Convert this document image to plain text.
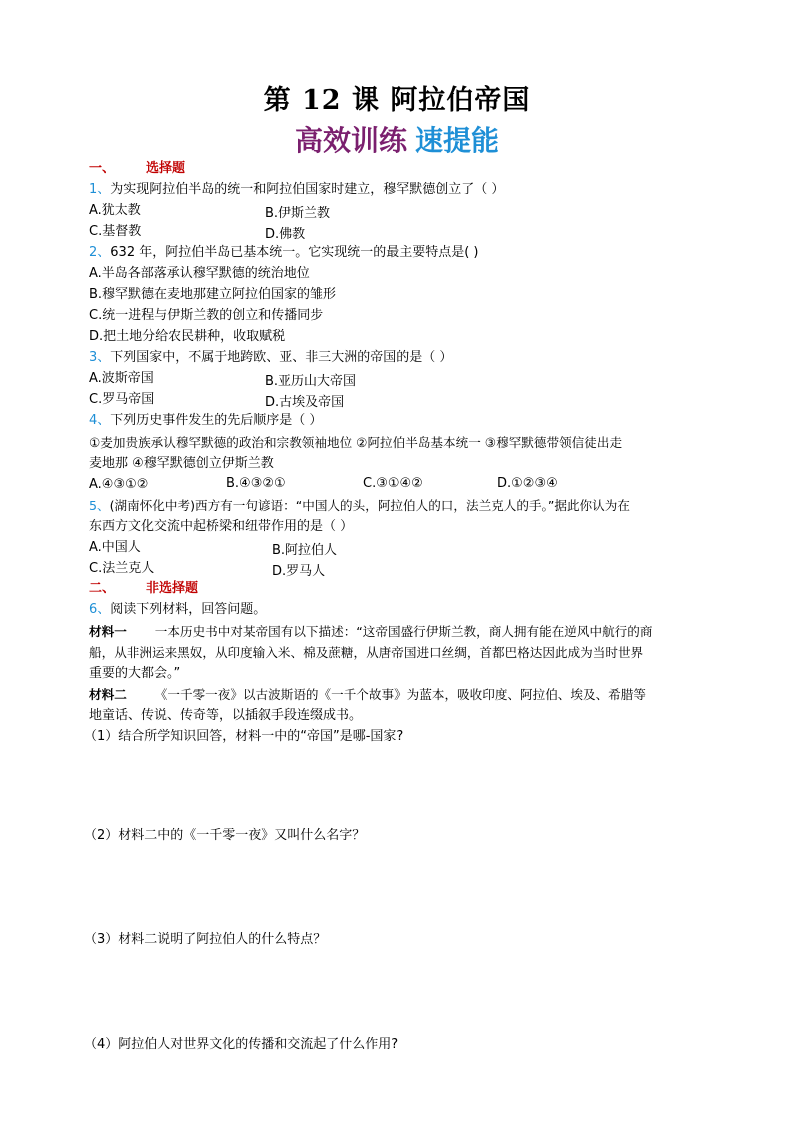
第 12 课 阿拉伯帝国
高效训练 速提能
一、 选择题
1、为实现阿拉伯半岛的统一和阿拉伯国家时建立，穆罕默德创立了（ ）
A.犹太教	B.伊斯兰教
C.基督教	D.佛教
2、632 年，阿拉伯半岛已基本统一。它实现统一的最主要特点是( )
A.半岛各部落承认穆罕默德的统治地位
B.穆罕默德在麦地那建立阿拉伯国家的雏形
C.统一进程与伊斯兰教的创立和传播同步
D.把土地分给农民耕种，收取赋税
3、下列国家中，不属于地跨欧、亚、非三大洲的帝国的是（ ）
A.波斯帝国	B.亚历山大帝国
C.罗马帝国	D.古埃及帝国
4、下列历史事件发生的先后顺序是（ ）
①麦加贵族承认穆罕默德的政治和宗教领袖地位 ②阿拉伯半岛基本统一 ③穆罕默德带领信徒出走
麦地那 ④穆罕默德创立伊斯兰教
A.④③①②	B.④③②①	C.③①④②	D.①②③④
5、(湖南怀化中考)西方有一句谚语：“中国人的头，阿拉伯人的口，法兰克人的手。”据此你认为在
东西方文化交流中起桥梁和纽带作用的是（ ）
A.中国人	B.阿拉伯人
C.法兰克人	D.罗马人
二、 非选择题
6、阅读下列材料，回答问题。
材料一 一本历史书中对某帝国有以下描述：“这帝国盛行伊斯兰教，商人拥有能在逆风中航行的商
船，从非洲运来黑奴，从印度输入米、棉及蔗糖，从唐帝国进口丝绸，首都巴格达因此成为当时世界
重要的大都会。”
材料二 《一千零一夜》以古波斯语的《一千个故事》为蓝本，吸收印度、阿拉伯、埃及、希腊等
地童话、传说、传奇等，以插叙手段连缀成书。
（1）结合所学知识回答，材料一中的“帝国”是哪-国家?
（2）材料二中的《一千零一夜》又叫什么名字？
（3）材料二说明了阿拉伯人的什么特点？
（4）阿拉伯人对世界文化的传播和交流起了什么作用?
